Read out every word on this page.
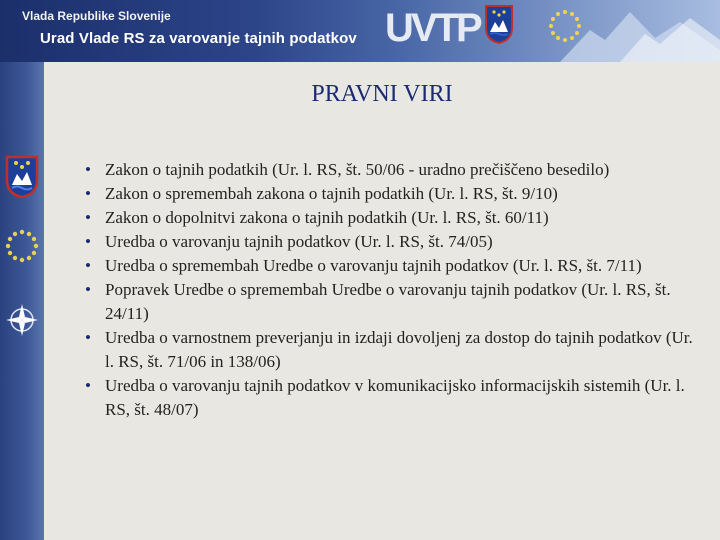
Vlada Republike Slovenije
Urad Vlade RS za varovanje tajnih podatkov UVTP
PRAVNI VIRI
• Zakon o tajnih podatkih (Ur. l. RS, št. 50/06 - uradno prečiščeno besedilo)
• Zakon o spremembah zakona o tajnih podatkih (Ur. l. RS, št. 9/10)
• Zakon o dopolnitvi zakona o tajnih podatkih (Ur. l. RS, št. 60/11)
• Uredba o varovanju tajnih podatkov (Ur. l. RS, št. 74/05)
• Uredba o spremembah Uredbe o varovanju tajnih podatkov (Ur. l. RS, št. 7/11)
• Popravek Uredbe o spremembah Uredbe o varovanju tajnih podatkov (Ur. l. RS, št. 24/11)
• Uredba o varnostnem preverjanju in izdaji dovoljenj za dostop do tajnih podatkov (Ur. l. RS, št. 71/06 in 138/06)
• Uredba o varovanju tajnih podatkov v komunikacijsko informacijskih sistemih (Ur. l. RS, št. 48/07)
